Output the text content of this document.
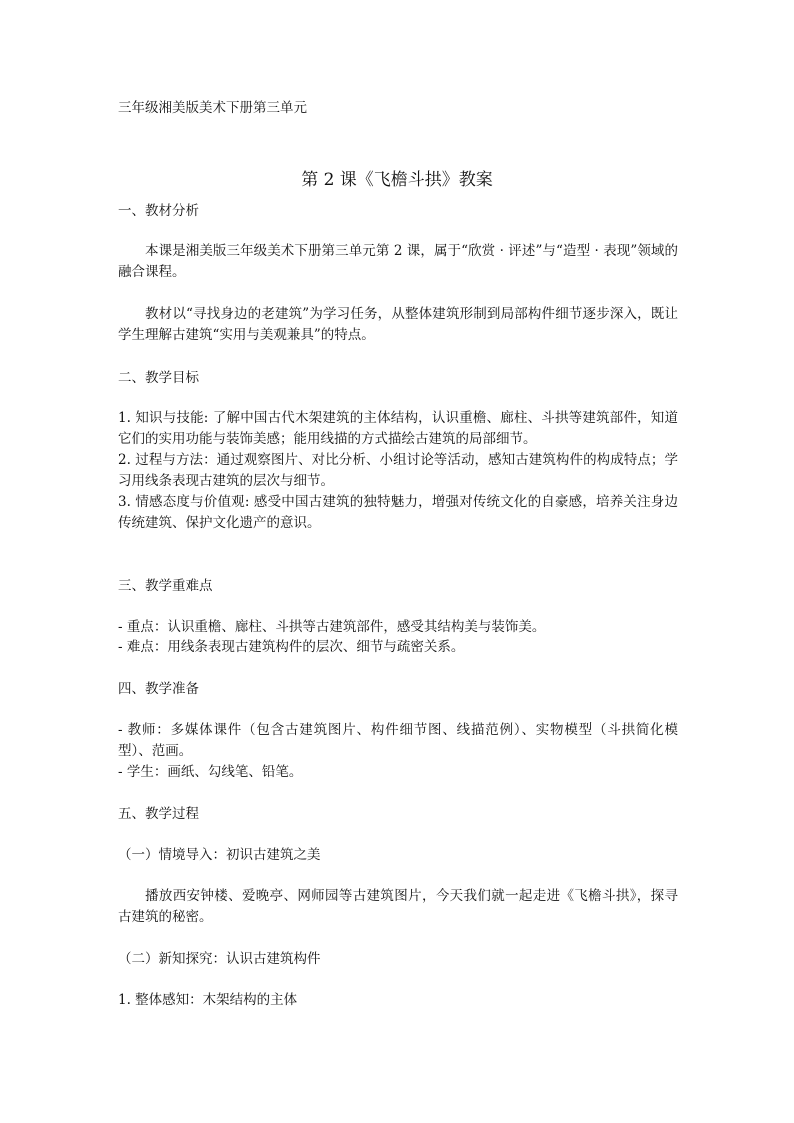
三年级湘美版美术下册第三单元
第 2 课《飞檐斗拱》教案
一、教材分析
本课是湘美版三年级美术下册第三单元第 2 课，属于“欣赏 · 评述”与“造型 · 表现”领域的融合课程。
教材以“寻找身边的老建筑”为学习任务，从整体建筑形制到局部构件细节逐步深入，既让学生理解古建筑“实用与美观兼具”的特点。
二、教学目标
1. 知识与技能: 了解中国古代木架建筑的主体结构，认识重檐、廊柱、斗拱等建筑部件，知道它们的实用功能与装饰美感；能用线描的方式描绘古建筑的局部细节。
2. 过程与方法：通过观察图片、对比分析、小组讨论等活动，感知古建筑构件的构成特点；学习用线条表现古建筑的层次与细节。
3. 情感态度与价值观: 感受中国古建筑的独特魅力，增强对传统文化的自豪感，培养关注身边传统建筑、保护文化遗产的意识。
三、教学重难点
- 重点：认识重檐、廊柱、斗拱等古建筑部件，感受其结构美与装饰美。
- 难点：用线条表现古建筑构件的层次、细节与疏密关系。
四、教学准备
- 教师：多媒体课件（包含古建筑图片、构件细节图、线描范例）、实物模型（斗拱简化模型）、范画。
- 学生：画纸、勾线笔、铅笔。
五、教学过程
（一）情境导入：初识古建筑之美
播放西安钟楼、爱晚亭、网师园等古建筑图片，今天我们就一起走进《飞檐斗拱》，探寻古建筑的秘密。
（二）新知探究：认识古建筑构件
1. 整体感知：木架结构的主体
